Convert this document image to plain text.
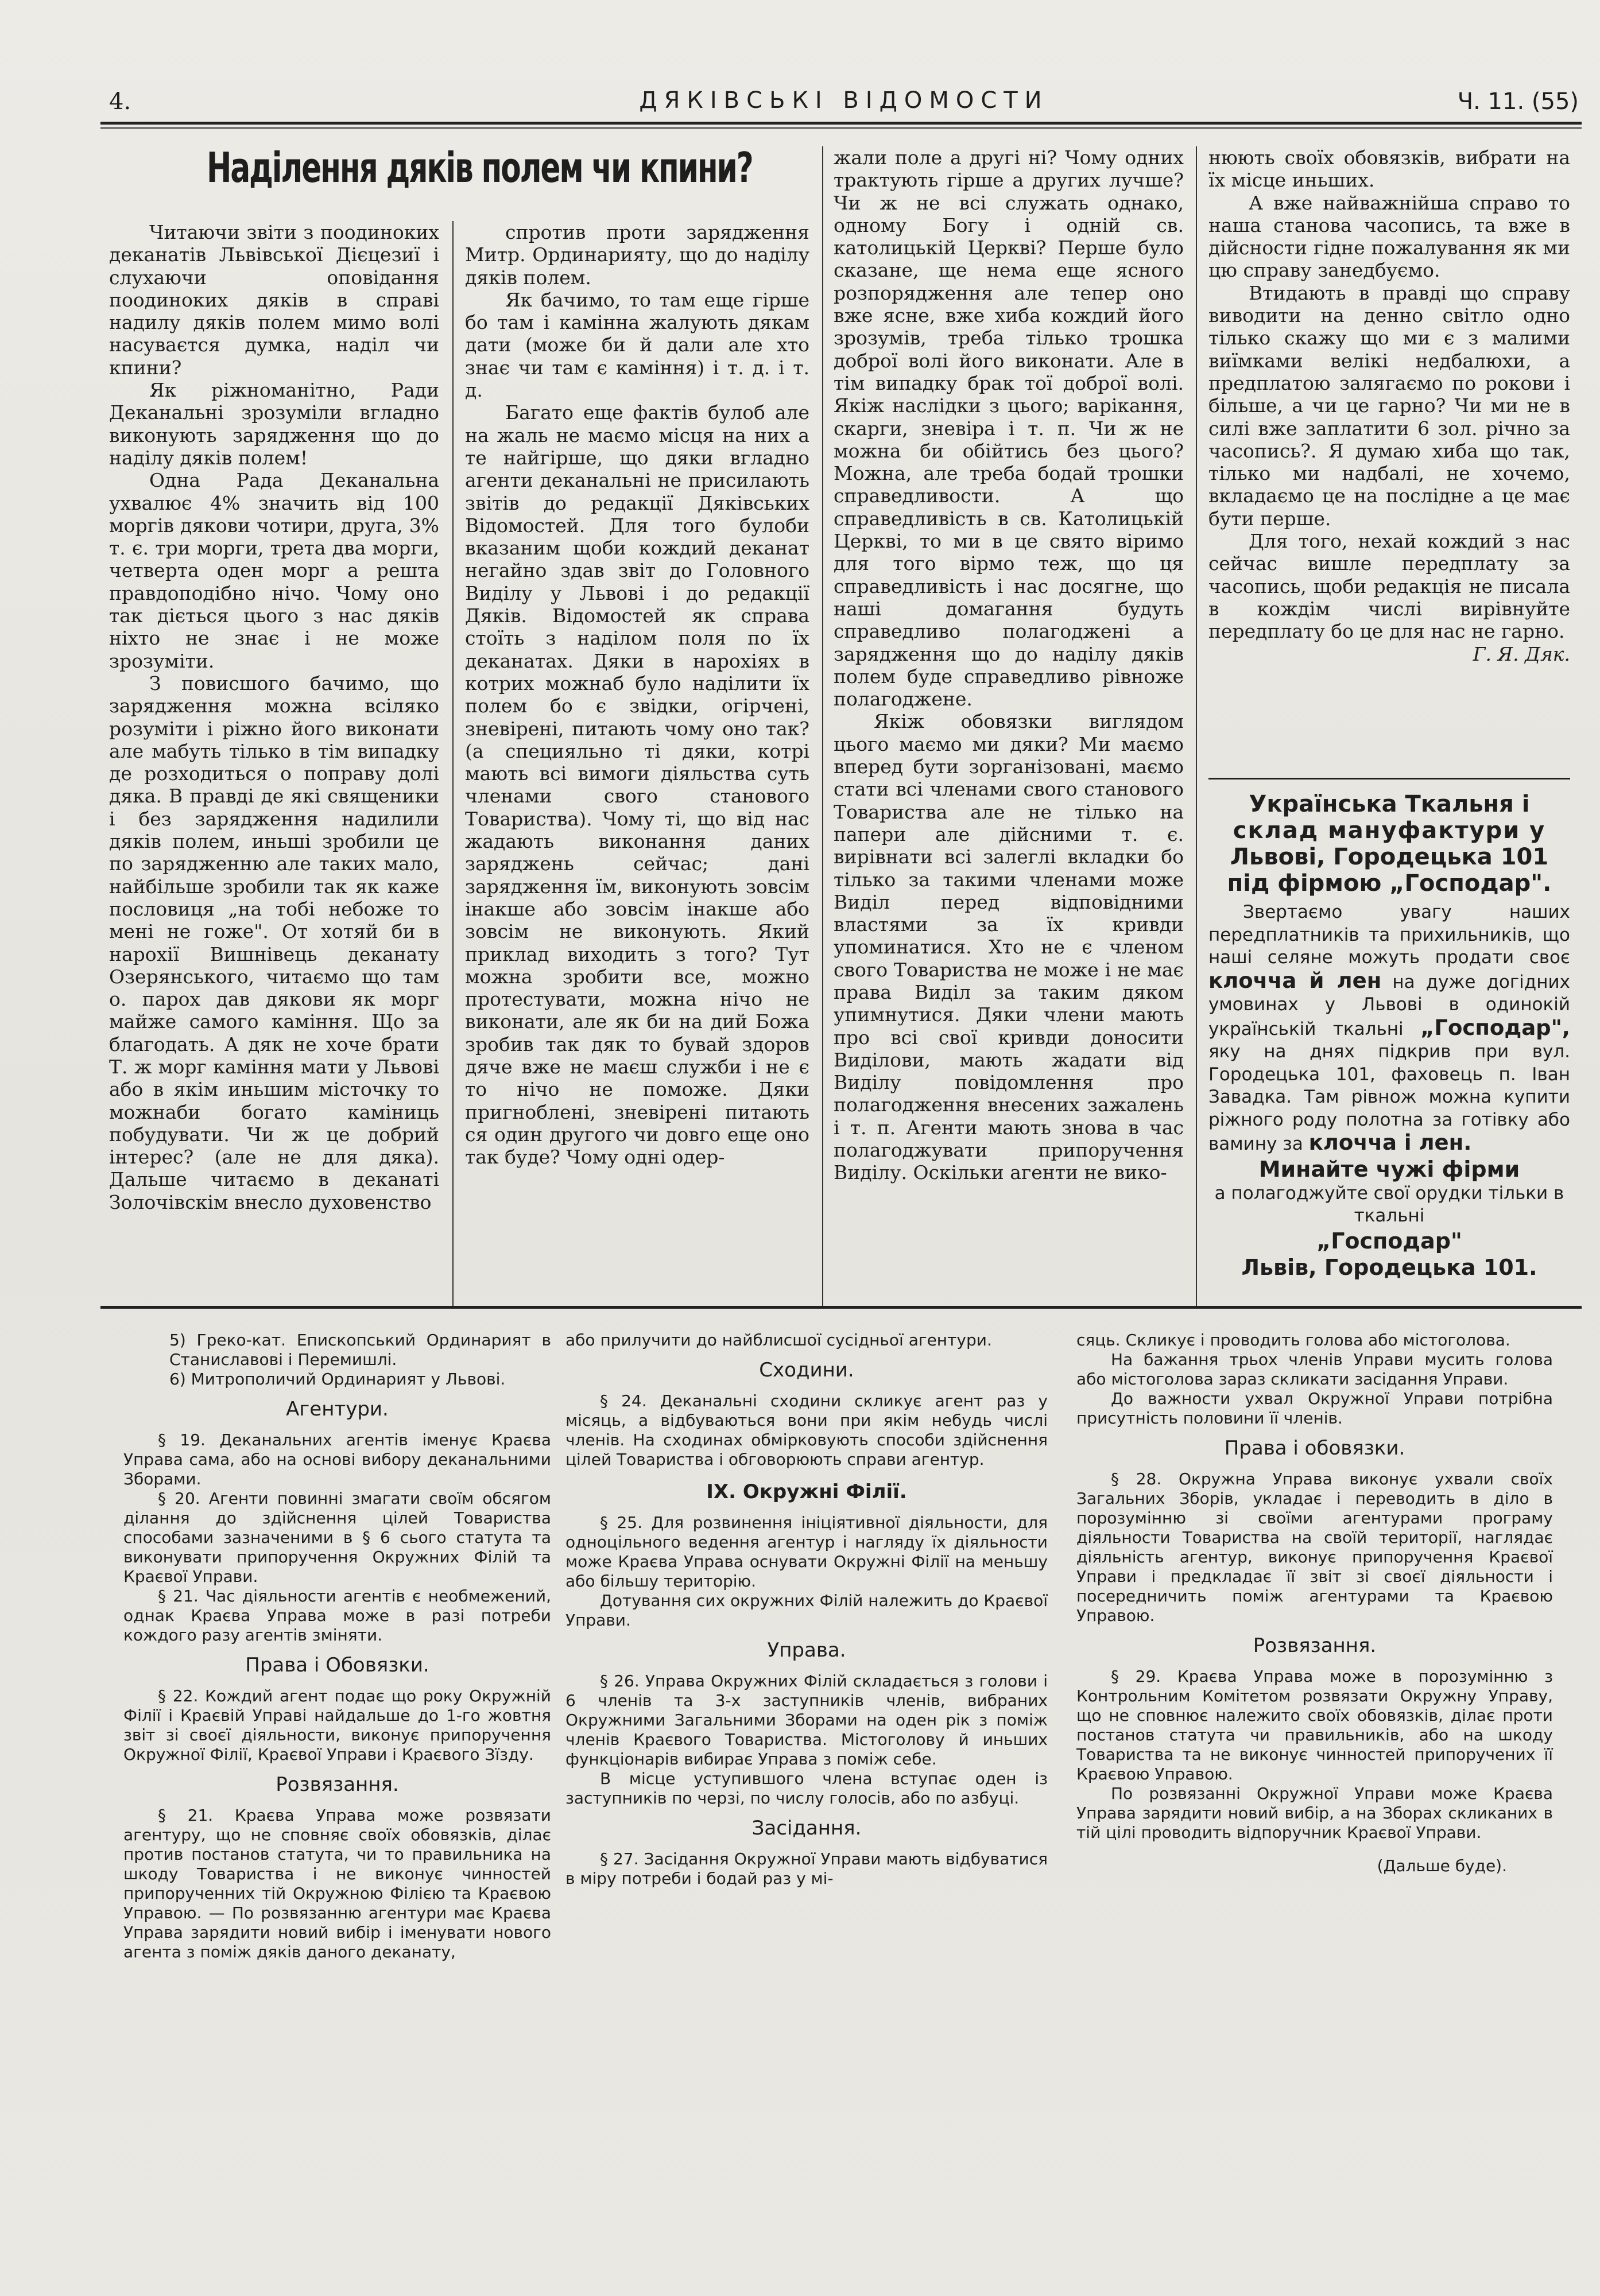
4.	ДЯКІВСЬКІ ВІДОМОСТИ	Ч. 11. (55)
Наділення дяків полем чи кпини?

Читаючи звіти з поодиноких деканатів Львівської Дієцезиї і слухаючи оповідання поодиноких дяків в справі надилу дяків полем мимо волі насуваєтся думка, наділ чи кпини?

Як ріжноманітно, Ради Деканальні зрозуміли вгладно виконують зарядження що до наділу дяків полем!

Одна Рада Деканальна ухвалює 4% значить від 100 моргів дякови чотири, друга, 3% т. є. три морги, трета два морги, четверта оден морг а решта правдоподібно нічо. Чому оно так діється цього з нас дяків ніхто не знає і не може зрозуміти.

З повисшого бачимо, що зарядження можна всіляко розуміти і ріжно його виконати але мабуть тілько в тім випадку де розходиться о поправу долі дяка. В правді де які священики і без зарядження надилили дяків полем, иньші зробили це по зарядженню але таких мало, найбільше зробили так як каже пословиця „на тобі небоже то мені не гоже". От хотяй би в нарохії Вишнівець деканату Озерянського, читаємо що там о. парох дав дякови як морг майже самого каміння. Що за благодать. А дяк не хоче брати Т. ж морг каміння мати у Львові або в якім иньшим місточку то можнаби богато каміниць побудувати. Чи ж це добрий інтерес? (але не для дяка). Дальше читаємо в деканаті Золочівскім внесло духовенство

спротив проти зарядження Митр. Ординарияту, що до наділу дяків полем.

Як бачимо, то там еще гірше бо там і камінна жалують дякам дати (може би й дали але хто знає чи там є каміння) і т. д. і т. д.

Багато еще фактів булоб але на жаль не маємо місця на них а те найгірше, що дяки вгладно агенти деканальні не присилають звітів до редакції Дяківських Відомостей. Для того булоби вказаним щоби кождий деканат негайно здав звіт до Головного Виділу у Львові і до редакції Дяків. Відомостей як справа стоїть з наділом поля по їх деканатах. Дяки в нарохіях в котрих можнаб було наділити їх полем бо є звідки, огірчені, зневірені, питають чому оно так? (а специяльно ті дяки, котрі мають всі вимоги діяльства суть членами свого станового Товариства). Чому ті, що від нас жадають виконання даних заряджень сейчас; дані зарядження їм, виконують зовсім інакше або зовсім інакше або зовсім не виконують. Який приклад виходить з того? Тут можна зробити все, можно протестувати, можна нічо не виконати, але як би на дий Божа зробив так дяк то бувай здоров дяче вже не маєш служби і не є то нічо не поможе. Дяки пригноблені, зневірені питають ся один другого чи довго еще оно так буде? Чому одні одер-

жали поле а другі ні? Чому одних трактують гірше а других лучше? Чи ж не всі служать однако, одному Богу і одній св. католицькій Церкві? Перше було сказане, ще нема еще ясного розпорядження але тепер оно вже ясне, вже хиба кождий його зрозумів, треба тілько трошка доброї волі його виконати. Але в тім випадку брак тої доброї волі. Якіж наслідки з цього; варікання, скарги, зневіра і т. п. Чи ж не можна би обійтись без цього? Можна, але треба бодай трошки справедливости. А що справедливість в св. Католицькій Церкві, то ми в це свято віримо для того вірмо теж, що ця справедливість і нас досягне, що наші домагання будуть справедливо полагоджені а зарядження що до наділу дяків полем буде справедливо рівноже полагоджене.

Якіж обовязки виглядом цього маємо ми дяки? Ми маємо вперед бути зорганізовані, маємо стати всі членами свого станового Товариства але не тілько на папери але дійсними т. є. вирівнати всі залеглі вкладки бо тілько за такими членами може Виділ перед відповідними властями за їх кривди упоминатися. Хто не є членом свого Товариства не може і не має права Виділ за таким дяком упимнутися. Дяки члени мають про всі свої кривди доносити Виділови, мають жадати від Виділу повідомлення про полагодження внесених зажалень і т. п. Агенти мають знова в час полагоджувати припоручення Виділу. Оскільки агенти не вико-

нюють своїх обовязків, вибрати на їх місце иньших.

А вже найважнійша справо то наша станова часопись, та вже в дійсности гідне пожалування як ми цю справу занедбуємо.

Втидають в правді що справу виводити на денно світло одно тілько скажу що ми є з малими виїмками велікі недбалюхи, а предплатою залягаємо по рокови і більше, а чи це гарно? Чи ми не в силі вже заплатити 6 зол. річно за часопись?. Я думаю хиба що так, тілько ми надбалі, не хочемо, вкладаємо це на послідне а це має бути перше.

Для того, нехай кождий з нас сейчас вишле передплату за часопись, щоби редакція не писала в кождім числі вирівнуйте передплату бо це для нас не гарно.

Г. Я. Дяк.
Українська Ткальня і
склад мануфактури у
Львові, Городецька 101
під фірмою „Господар".

Звертаємо увагу наших передплатників та прихильників, що наші селяне можуть продати своє клочча й лен на дуже догідних умовинах у Львові в одинокій українській ткальні „Господар", яку на днях підкрив при вул. Городецька 101, фаховець п. Іван Завадка. Там рівнож можна купити ріжного роду полотна за готівку або вамину за клочча і лен.

Минайте чужі фірми
а полагоджуйте свої орудки тільки в ткальні
„Господар"
Львів, Городецька 101.

5) Греко-кат. Епископський Ординарият в Станиславові і Перемишлі.

6) Митрополичий Ординарият у Львові.

Агентури.

§ 19. Деканальних агентів іменує Краєва Управа сама, або на основі вибору деканальними Зборами.

§ 20. Агенти повинні змагати своїм обсягом ділання до здійснення цілей Товариства способами зазначеними в § 6 сього статута та виконувати припоручення Окружних Філій та Краєвої Управи.

§ 21. Час діяльности агентів є необмежений, однак Краєва Управа може в разі потреби кождого разу агентів зміняти.

Права і Обовязки.

§ 22. Кождий агент подає що року Окружній Філії і Краєвій Управі найдальше до 1-го жовтня звіт зі своєї діяльности, виконує припоручення Окружної Філії, Краєвої Управи і Краєвого Зїзду.

Розвязання.

§ 21. Краєва Управа може розвязати агентуру, що не сповняє своїх обовязків, ділає против постанов статута, чи то правильника на шкоду Товариства і не виконує чинностей припорученних тій Окружною Філією та Краєвою Управою. — По розвязанню агентури має Краєва Управа зарядити новий вибір і іменувати нового агента з поміж дяків даного деканату,

або прилучити до найблисшої сусідньої агентури.

Сходини.

§ 24. Деканальні сходини скликує агент раз у місяць, а відбуваються вони при якім небудь числі членів. На сходинах обмірковують способи здійснення цілей Товариства і обговорюють справи агентур.

IX. Окружні Філії.

§ 25. Для розвинення ініціятивної діяльности, для одноцільного ведення агентур і нагляду їх діяльности може Краєва Управа оснувати Окружні Філії на меньшу або більшу територію.

Дотування сих окружних Філій належить до Краєвої Управи.

Управа.

§ 26. Управа Окружних Філій складається з голови і 6 членів та 3-х заступників членів, вибраних Окружними Загальними Зборами на оден рік з поміж членів Краєвого Товариства. Містоголову й иньших функціонарів вибирає Управа з поміж себе.

В місце уступившого члена вступає оден із заступників по черзі, по числу голосів, або по азбуці.

Засідання.

§ 27. Засідання Окружної Управи мають відбуватися в міру потреби і бодай раз у мі-

сяць. Скликує і проводить голова або містоголова.

На бажання трьох членів Управи мусить голова або містоголова зараз скликати засідання Управи.

До важности ухвал Окружної Управи потрібна присутність половини її членів.

Права і обовязки.

§ 28. Окружна Управа виконує ухвали своїх Загальних Зборів, укладає і переводить в діло в порозумінню зі своїми агентурами програму діяльности Товариства на своїй території, наглядає діяльність агентур, виконує припоручення Краєвої Управи і предкладає її звіт зі своєї діяльности і посередничить поміж агентурами та Краєвою Управою.

Розвязання.

§ 29. Краєва Управа може в порозумінню з Контрольним Комітетом розвязати Окружну Управу, що не сповнює належито своїх обовязків, ділає проти постанов статута чи правильників, або на шкоду Товариства та не виконує чинностей припоручених її Краєвою Управою.

По розвязанні Окружної Управи може Краєва Управа зарядити новий вибір, а на Зборах скликаних в тій цілі проводить відпоручник Краєвої Управи.

(Дальше буде).
